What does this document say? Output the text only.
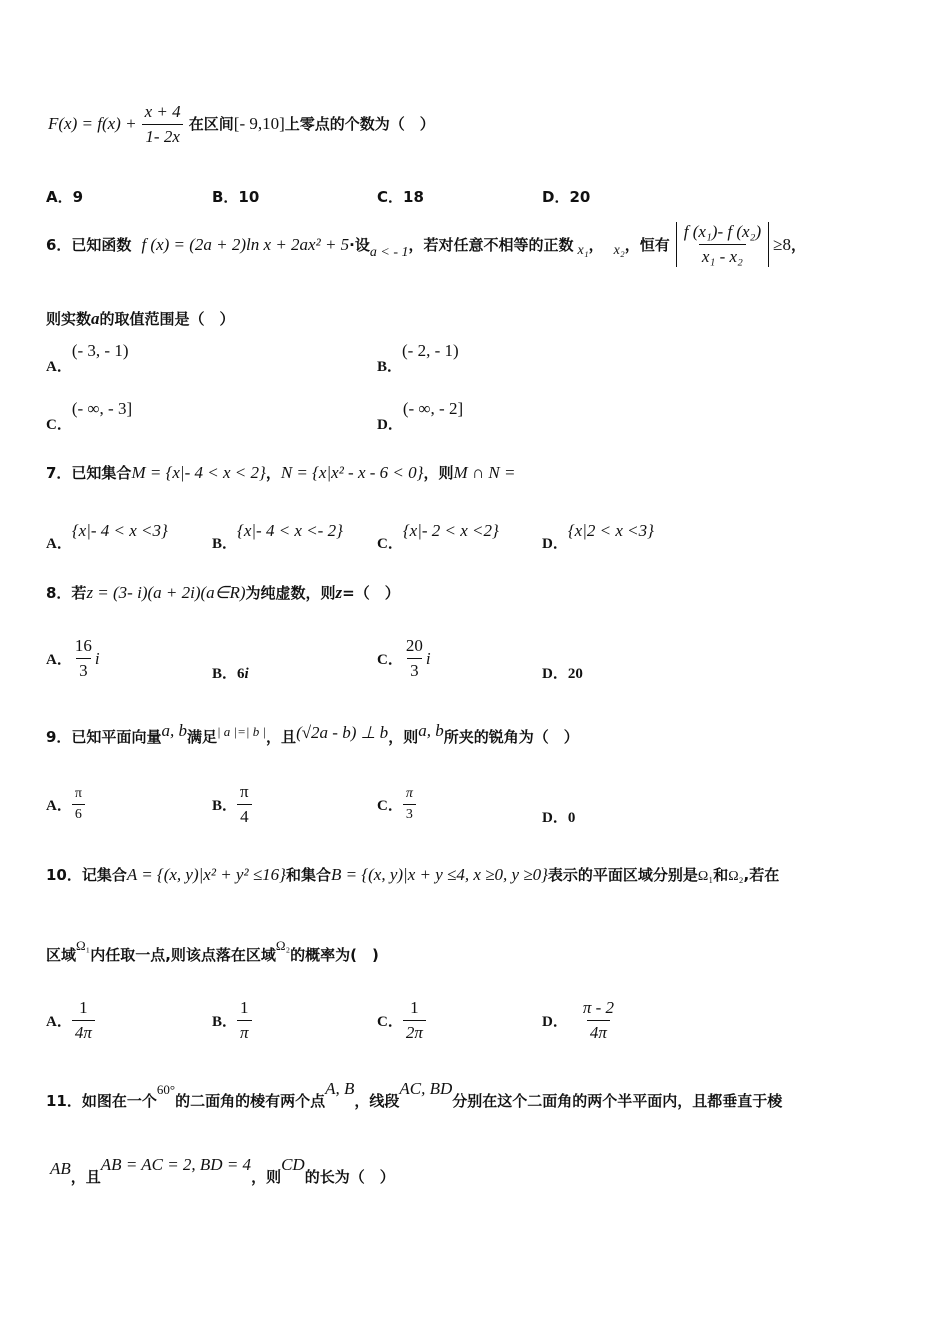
$F(x) = f(x) + \frac{x + 4}{1- 2x}$ 在区间[- 9,10]上零点的个数为（　）
A．9	B．10	C．18	D．20
6．已知函数 f (x) = (2a + 2)ln x + 2ax² + 5 ·设 a < - 1 ，若对任意不相等的正数 x₁ ， x₂ ，恒有 $\frac{\text{f (x₁)- f (x₂)}}{\text{x₁ - x₂}} \ge 8$ ，
则实数a的取值范围是（　）
A．(- 3, - 1)
B．(- 2, - 1)
C．(- ∞, - 3]
D．(- ∞, - 2]
7．已知集合M = {x|- 4 < x < 2}，N = {x|x² - x - 6 < 0}，则M ∩ N =
A．{x|- 4 < x <3}
B．{x|- 4 < x <- 2}
C．{x|- 2 < x <2}
D．{x|2 < x <3}
8．若z = (3- i)(a + 2i)(a∈R)为纯虚数，则z=（　）
A． $\frac{16}{3}$ i
B．6i
C． $\frac{20}{3}$ i
D．20
9．已知平面向量a, b满足$^{| a |=| b |}$，且(√2a - b) ⊥ b，则a, b所夹的锐角为（　）
A． $\frac{\pi}{6}$	B． $\frac{\pi}{4}$	C． $\frac{\pi}{3}$	D．0
10．记集合A = {(x, y)|x² + y² ≤16}和集合B = {(x, y)|x + y ≤4, x ≥0, y ≥0}表示的平面区域分别是Ω₁和Ω₂,若在
区域$^{\Omega_1}$内任取一点,则该点落在区域$^{\Omega_2}$的概率为(　)
A． $\frac{1}{4\pi}$	B． $\frac{1}{\pi}$	C． $\frac{1}{2\pi}$	D． $\frac{\pi - 2}{4\pi}$
11．如图在一个$^{60^\circ}$的二面角的棱有两个点A, B，线段AC, BD分别在这个二面角的两个半平面内，且都垂直于棱
AB，且AB = AC = 2, BD = 4，则CD的长为（　）
